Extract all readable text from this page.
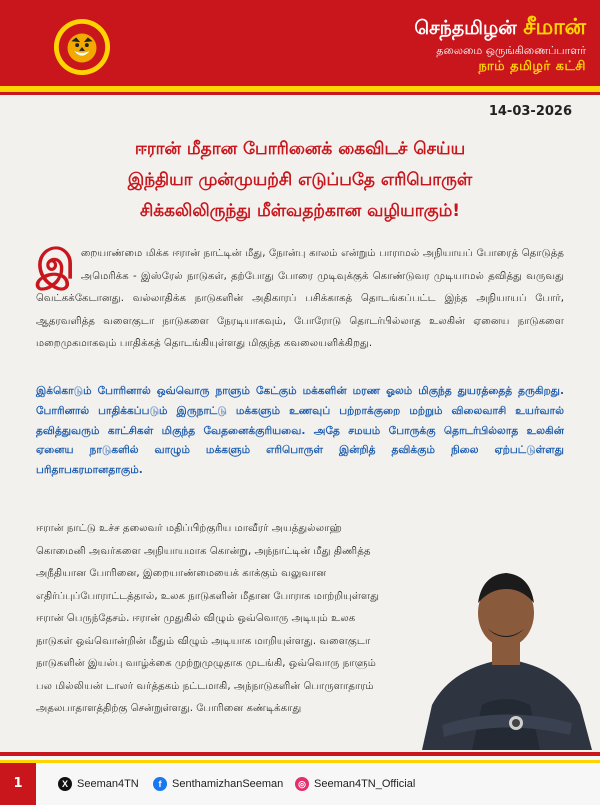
செந்தமிழன் சீமான்
தலைமை ஒருங்கிணைப்பாளர்
நாம் தமிழர் கட்சி
14-03-2026
ஈரான் மீதான போரினைக் கைவிடச் செய்ய
இந்தியா முன்முயற்சி எடுப்பதே எரிபொருள்
சிக்கலிலிருந்து மீள்வதற்கான வழியாகும்!
இ றையாண்மை மிக்க ஈரான் நாட்டின் மீது, நோன்பு காலம் என்றும் பாராமல் அநியாயப் போரைத் தொடுத்த அமெரிக்க - இஸ்ரேல் நாடுகள், தற்போது போரை முடிவுக்குக் கொண்டுவர முடியாமல் தவித்து வருவது வெட்கக்கேடானது. வல்லாதிக்க நாடுகளின் அதிகாரப் பசிக்காகத் தொடங்கப்பட்ட இந்த அநியாயப் போர், ஆதரவளித்த வளைகுடா நாடுகளை நேரடியாகவும், போரோடு தொடர்பில்லாத உலகின் ஏனைய நாடுகளை மறைமுகமாகவும் பாதிக்கத் தொடங்கியுள்ளது மிகுந்த கவலையளிக்கிறது.
இக்கொடும் போரினால் ஒவ்வொரு நாளும் கேட்கும் மக்களின் மரண ஓலம் மிகுந்த துயரத்தைத் தருகிறது. போரினால் பாதிக்கப்படும் இருநாட்டு மக்களும் உணவுப் பற்றாக்குறை மற்றும் விலைவாசி உயர்வால் தவித்துவரும் காட்சிகள் மிகுந்த வேதனைக்குரியவை. அதே சமயம் போருக்கு தொடர்பில்லாத உலகின் ஏனைய நாடுகளில் வாழும் மக்களும் எரிபொருள் இன்றித் தவிக்கும் நிலை ஏற்பட்டுள்ளது பரிதாபகரமானதாகும்.
ஈரான் நாட்டு உச்ச தலைவர் மதிப்பிற்குரிய மாவீரர் அயத்துல்லாஹ் கொமைனி அவர்களை அநியாயமாக கொன்று, அந்நாட்டின் மீது திணித்த அநீதியான போரினை, இறையாண்மையைக் காக்கும் வலுவான எதிர்ப்புப்போராட்டத்தால், உலக நாடுகளின் மீதான போராக மாற்றியுள்ளது ஈரான் பெருந்தேசம். ஈரான் முதுகில் விழும் ஒவ்வொரு அடியும் உலக நாடுகள் ஒவ்வொன்றின் மீதும் விழும் அடியாக மாறியுள்ளது. வளைகுடா நாடுகளின் இயல்பு வாழ்க்கை முற்றுமுழுதாக முடங்கி, ஒவ்வொரு நாளும் பல மில்லியன் டாலர் வர்த்தகம் நட்டமாகி, அந்நாடுகளின் பொருளாதாரம் அதலபாதாளத்திற்கு சென்றுள்ளது. போரினை கண்டிக்காது
1	X Seeman4TN	f SenthamizhanSeeman	◎ Seeman4TN_Official
